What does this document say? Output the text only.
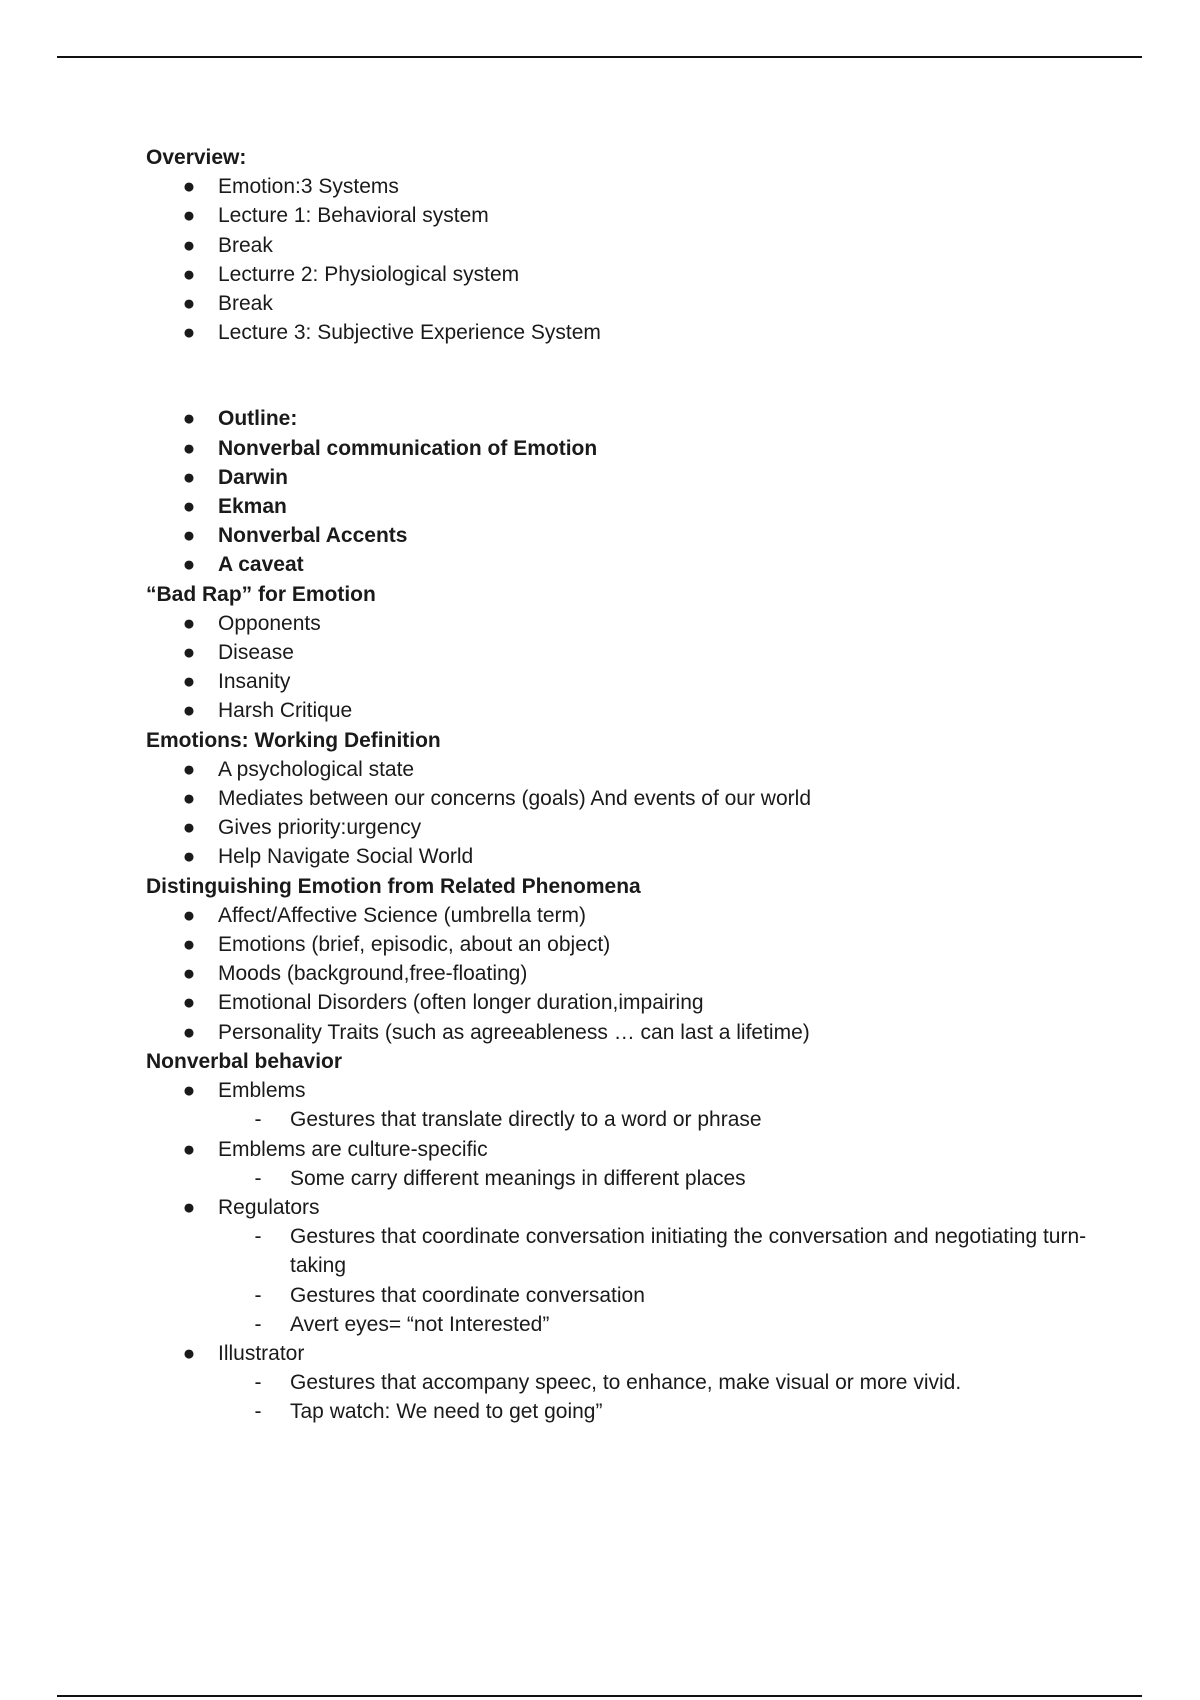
Overview:
● Emotion:3 Systems
● Lecture 1: Behavioral system
● Break
● Lecturre 2: Physiological system
● Break
● Lecture 3: Subjective Experience System
● Outline:
● Nonverbal communication of Emotion
● Darwin
● Ekman
● Nonverbal Accents
● A caveat
“Bad Rap” for Emotion
● Opponents
● Disease
● Insanity
● Harsh Critique
Emotions: Working Definition
● A psychological state
● Mediates between our concerns (goals) And events of our world
● Gives priority:urgency
● Help Navigate Social World
Distinguishing Emotion from Related Phenomena
● Affect/Affective Science (umbrella term)
● Emotions (brief, episodic, about an object)
● Moods (background,free-floating)
● Emotional Disorders (often longer duration,impairing
● Personality Traits (such as agreeableness … can last a lifetime)
Nonverbal behavior
● Emblems
- Gestures that translate directly to a word or phrase
● Emblems are culture-specific
- Some carry different meanings in different places
● Regulators
- Gestures that coordinate conversation initiating the conversation and negotiating turn- taking
- Gestures that coordinate conversation
- Avert eyes= “not Interested”
● Illustrator
- Gestures that accompany speec, to enhance, make visual or more vivid.
- Tap watch: We need to get going”
